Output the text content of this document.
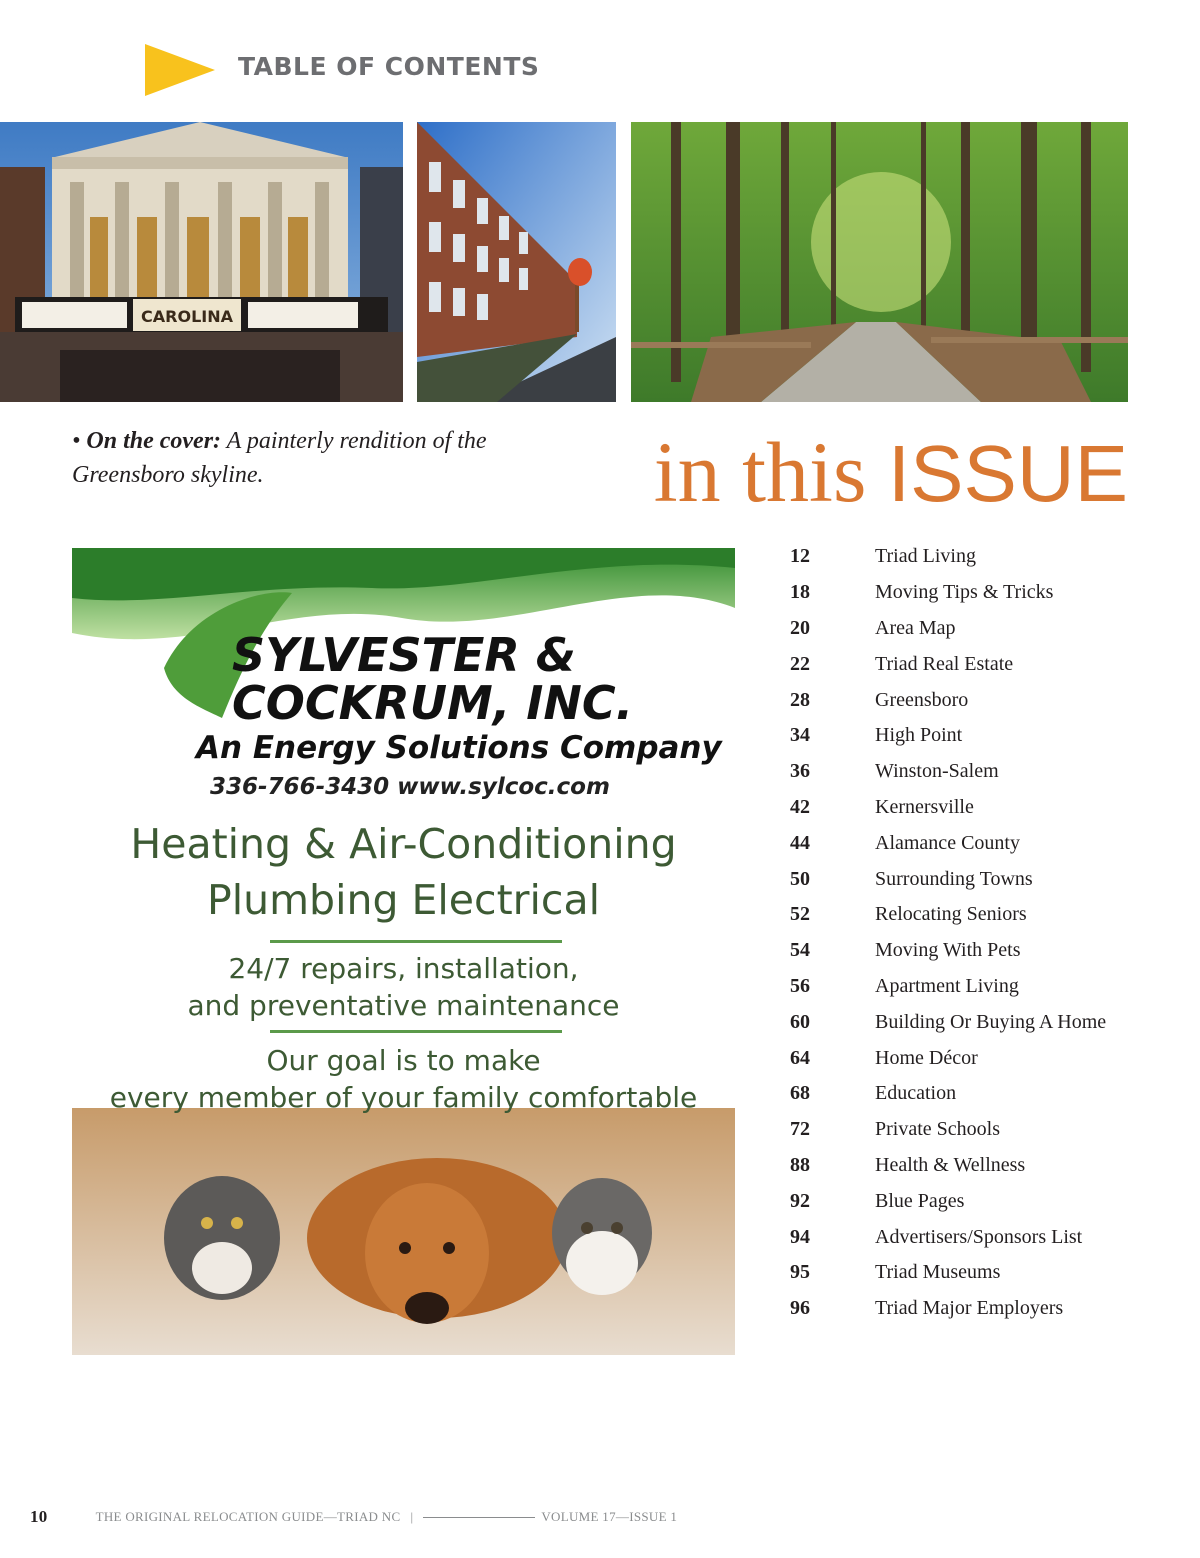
TABLE OF CONTENTS
CAROLINA
• On the cover: A painterly rendition of the Greensboro skyline.	in this ISSUE
SYLVESTER &
COCKRUM, INC.
An Energy Solutions Company
336-766-3430 www.sylcoc.com
Heating & Air-Conditioning
Plumbing Electrical
24/7 repairs, installation,
and preventative maintenance
Our goal is to make
every member of your family comfortable
12	Triad Living
18	Moving Tips & Tricks
20	Area Map
22	Triad Real Estate
28	Greensboro
34	High Point
36	Winston-Salem
42	Kernersville
44	Alamance County
50	Surrounding Towns
52	Relocating Seniors
54	Moving With Pets
56	Apartment Living
60	Building Or Buying A Home
64	Home Décor
68	Education
72	Private Schools
88	Health & Wellness
92	Blue Pages
94	Advertisers/Sponsors List
95	Triad Museums
96	Triad Major Employers
10	THE ORIGINAL RELOCATION GUIDE—TRIAD NC |	VOLUME 17—ISSUE 1
